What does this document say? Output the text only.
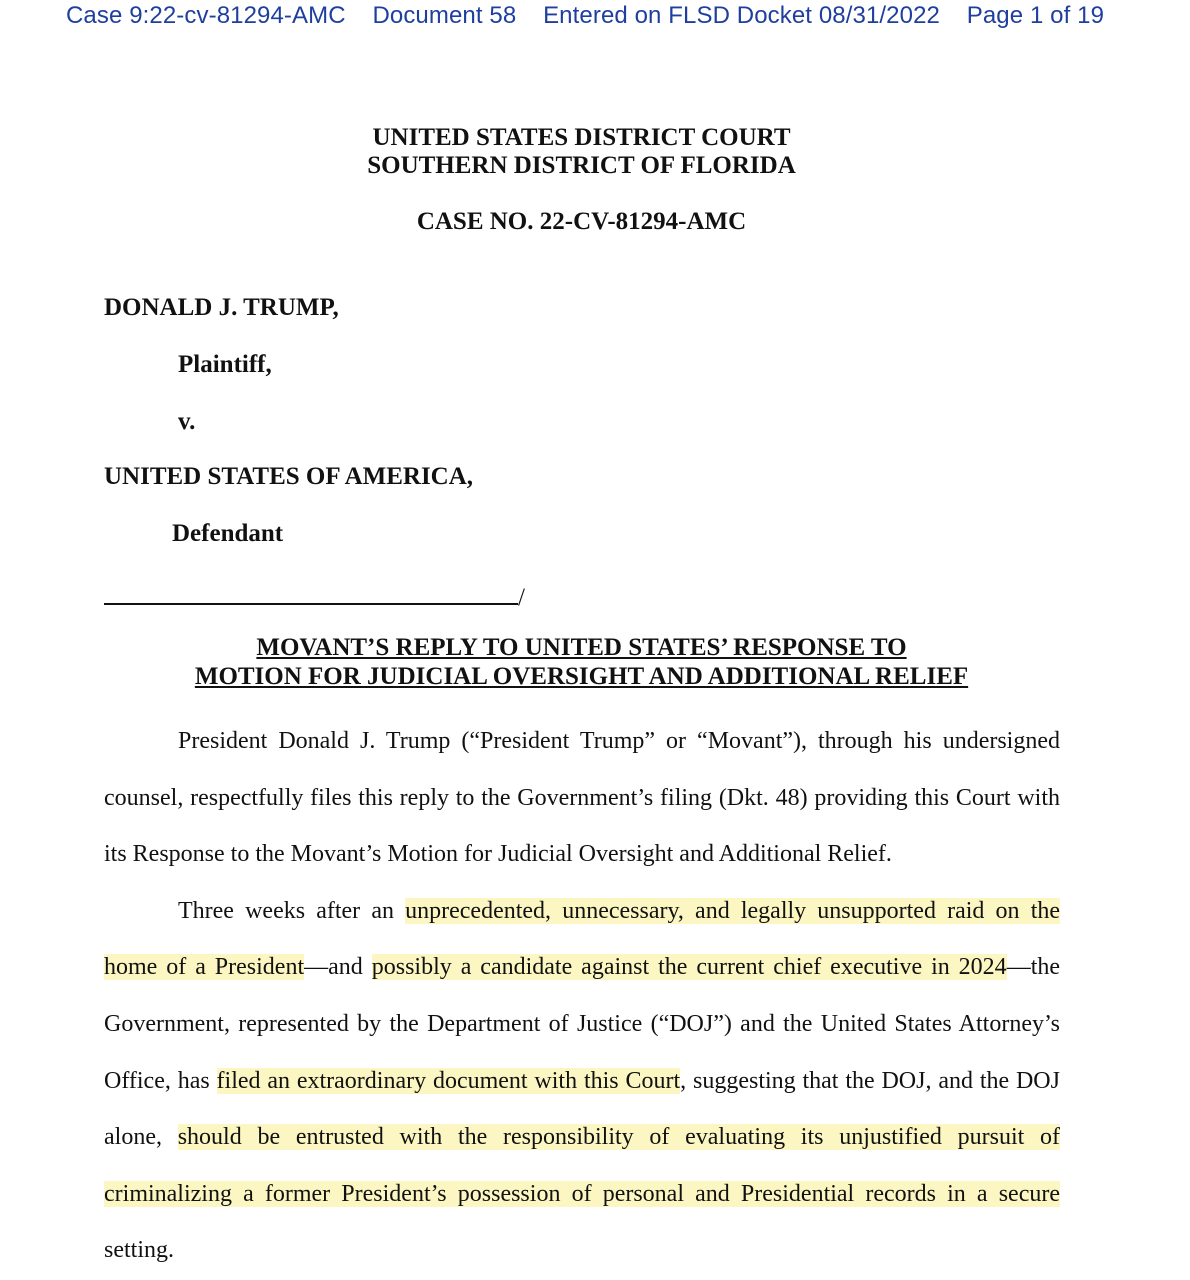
Case 9:22-cv-81294-AMC Document 58 Entered on FLSD Docket 08/31/2022 Page 1 of 19
UNITED STATES DISTRICT COURT
SOUTHERN DISTRICT OF FLORIDA
CASE NO. 22-CV-81294-AMC
DONALD J. TRUMP,
Plaintiff,
v.
UNITED STATES OF AMERICA,
Defendant
/
MOVANT’S REPLY TO UNITED STATES’ RESPONSE TO
MOTION FOR JUDICIAL OVERSIGHT AND ADDITIONAL RELIEF

President Donald J. Trump (“President Trump” or “Movant”), through his undersigned counsel, respectfully files this reply to the Government’s filing (Dkt. 48) providing this Court with its Response to the Movant’s Motion for Judicial Oversight and Additional Relief.

Three weeks after an unprecedented, unnecessary, and legally unsupported raid on the home of a President—and possibly a candidate against the current chief executive in 2024—the Government, represented by the Department of Justice (“DOJ”) and the United States Attorney’s Office, has filed an extraordinary document with this Court, suggesting that the DOJ, and the DOJ alone, should be entrusted with the responsibility of evaluating its unjustified pursuit of criminalizing a former President’s possession of personal and Presidential records in a secure setting.
